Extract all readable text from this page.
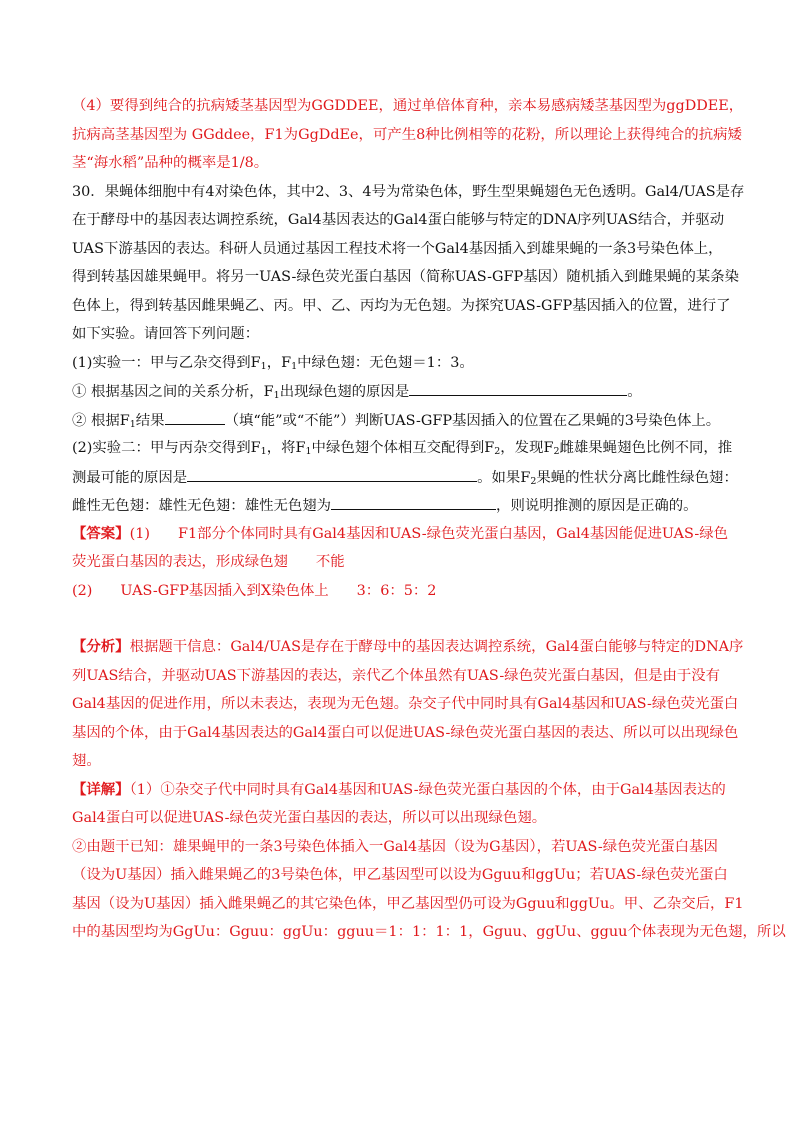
（4）要得到纯合的抗病矮茎基因型为GGDDEE，通过单倍体育种，亲本易感病矮茎基因型为ggDDEE，
抗病高茎基因型为 GGddee，F1为GgDdEe，可产生8种比例相等的花粉，所以理论上获得纯合的抗病矮
茎“海水稻”品种的概率是1/8。
30．果蝇体细胞中有4对染色体，其中2、3、4号为常染色体，野生型果蝇翅色无色透明。Gal4/UAS是存
在于酵母中的基因表达调控系统，Gal4基因表达的Gal4蛋白能够与特定的DNA序列UAS结合，并驱动
UAS下游基因的表达。科研人员通过基因工程技术将一个Gal4基因插入到雄果蝇的一条3号染色体上，
得到转基因雄果蝇甲。将另一UAS-绿色荧光蛋白基因（简称UAS-GFP基因）随机插入到雌果蝇的某条染
色体上，得到转基因雌果蝇乙、丙。甲、乙、丙均为无色翅。为探究UAS-GFP基因插入的位置，进行了
如下实验。请回答下列问题：
(1)实验一：甲与乙杂交得到$F_1$，$F_1$中绿色翅：无色翅＝1：3。
① 根据基因之间的关系分析，$F_1$出现绿色翅的原因是	。
② 根据$F_1$结果	（填“能”或“不能”）判断UAS-GFP基因插入的位置在乙果蝇的3号染色体上。
(2)实验二：甲与丙杂交得到$F_1$，将$F_1$中绿色翅个体相互交配得到$F_2$，发现$F_2$雌雄果蝇翅色比例不同，推
测最可能的原因是	。如果$F_2$果蝇的性状分离比雌性绿色翅：
雌性无色翅：雄性无色翅：雄性无色翅为	，则说明推测的原因是正确的。
【答案】(1) F1部分个体同时具有Gal4基因和UAS-绿色荧光蛋白基因，Gal4基因能促进UAS-绿色
荧光蛋白基因的表达，形成绿色翅 不能
(2) UAS-GFP基因插入到X染色体上 3：6：5：2
【分析】根据题干信息：Gal4/UAS是存在于酵母中的基因表达调控系统，Gal4蛋白能够与特定的DNA序
列UAS结合，并驱动UAS下游基因的表达，亲代乙个体虽然有UAS-绿色荧光蛋白基因，但是由于没有
Gal4基因的促进作用，所以未表达，表现为无色翅。杂交子代中同时具有Gal4基因和UAS-绿色荧光蛋白
基因的个体，由于Gal4基因表达的Gal4蛋白可以促进UAS-绿色荧光蛋白基因的表达、所以可以出现绿色
翅。
【详解】（1）①杂交子代中同时具有Gal4基因和UAS-绿色荧光蛋白基因的个体，由于Gal4基因表达的
Gal4蛋白可以促进UAS-绿色荧光蛋白基因的表达，所以可以出现绿色翅。
②由题干已知：雄果蝇甲的一条3号染色体插入一Gal4基因（设为G基因），若UAS-绿色荧光蛋白基因
（设为U基因）插入雌果蝇乙的3号染色体，甲乙基因型可以设为Gguu和ggUu；若UAS-绿色荧光蛋白
基因（设为U基因）插入雌果蝇乙的其它染色体，甲乙基因型仍可设为Gguu和ggUu。甲、乙杂交后，F1
中的基因型均为GgUu：Gguu：ggUu：gguu＝1：1：1：1，Gguu、ggUu、gguu个体表现为无色翅，所以
